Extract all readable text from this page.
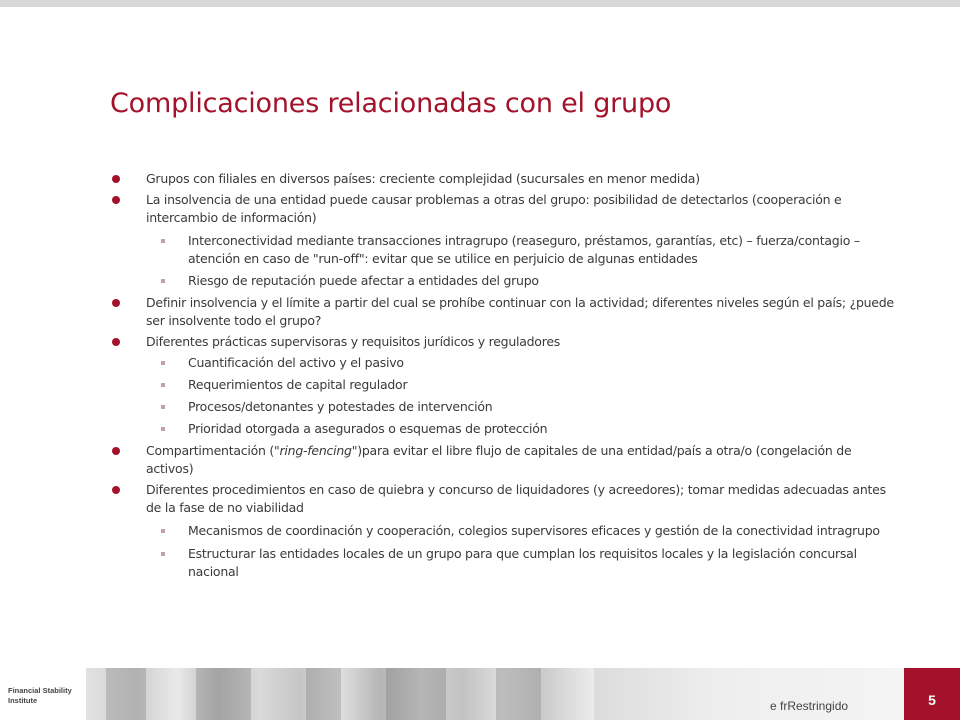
Complicaciones relacionadas con el grupo
Grupos con filiales en diversos países: creciente complejidad (sucursales en menor medida)
La insolvencia de una entidad puede causar problemas a otras del grupo: posibilidad de detectarlos (cooperación e intercambio de información)
Interconectividad mediante transacciones intragrupo (reaseguro, préstamos, garantías, etc) – fuerza/contagio – atención en caso de "run-off": evitar que se utilice en perjuicio de algunas entidades
Riesgo de reputación puede afectar a entidades del grupo
Definir insolvencia y el límite a partir del cual se prohíbe continuar con la actividad; diferentes niveles según el país; ¿puede ser insolvente todo el grupo?
Diferentes prácticas supervisoras y requisitos jurídicos y reguladores
Cuantificación del activo y el pasivo
Requerimientos de capital regulador
Procesos/detonantes y potestades de intervención
Prioridad otorgada a asegurados o esquemas de protección
Compartimentación ("ring-fencing")para evitar el libre flujo de capitales de una entidad/país a otra/o (congelación de activos)
Diferentes procedimientos en caso de quiebra y concurso de liquidadores (y acreedores); tomar medidas adecuadas antes de la fase de no viabilidad
Mecanismos de coordinación y cooperación, colegios supervisores eficaces y gestión de la conectividad intragrupo
Estructurar las entidades locales de un grupo para que cumplan los requisitos locales y la legislación concursal nacional
Financial Stability
Institute	e frRestringido	5
